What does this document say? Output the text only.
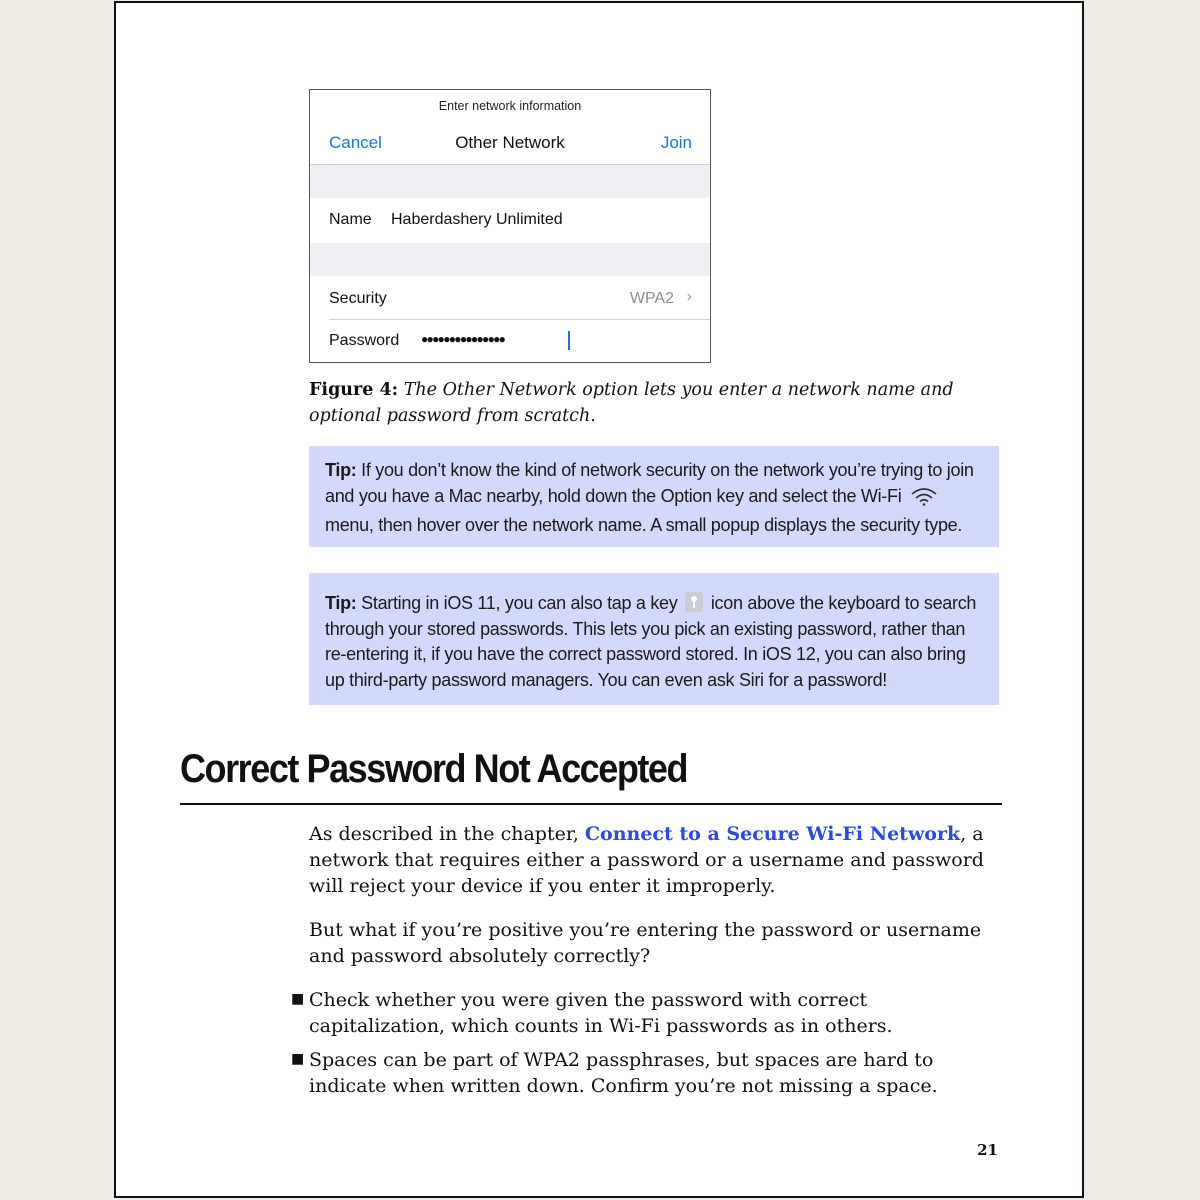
Enter network information
Other Network
Cancel	Join
Name Haberdashery Unlimited
Security	WPA2 ›
Password ●●●●●●●●●●●●●●●
Figure 4: The Other Network option lets you enter a network name and optional password from scratch.
Tip: If you don’t know the kind of network security on the network you’re trying to join and you have a Mac nearby, hold down the Option key and select the Wi-Fi  menu, then hover over the network name. A small popup displays the security type.
Tip: Starting in iOS 11, you can also tap a key icon above the keyboard to search through your stored passwords. This lets you pick an existing password, rather than re-entering it, if you have the correct password stored. In iOS 12, you can also bring up third-party password managers. You can even ask Siri for a password!
Correct Password Not Accepted
As described in the chapter, Connect to a Secure Wi-Fi Network, a network that requires either a password or a username and password will reject your device if you enter it improperly.
But what if you’re positive you’re entering the password or username and password absolutely correctly?
■ Check whether you were given the password with correct capitalization, which counts in Wi-Fi passwords as in others.
■ Spaces can be part of WPA2 passphrases, but spaces are hard to indicate when written down. Confirm you’re not missing a space.
21
